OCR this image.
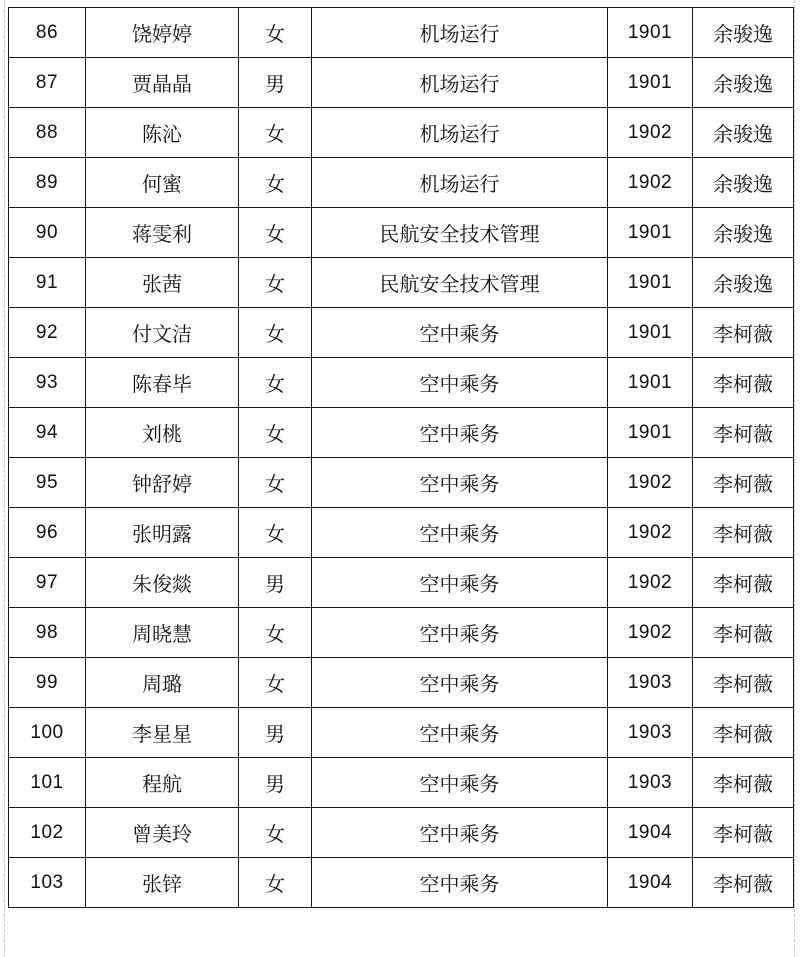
86	饶婷婷	女	机场运行	1901	余骏逸
87	贾晶晶	男	机场运行	1901	余骏逸
88	陈沁	女	机场运行	1902	余骏逸
89	何蜜	女	机场运行	1902	余骏逸
90	蒋雯利	女	民航安全技术管理	1901	余骏逸
91	张茜	女	民航安全技术管理	1901	余骏逸
92	付文洁	女	空中乘务	1901	李柯薇
93	陈春毕	女	空中乘务	1901	李柯薇
94	刘桃	女	空中乘务	1901	李柯薇
95	钟舒婷	女	空中乘务	1902	李柯薇
96	张明露	女	空中乘务	1902	李柯薇
97	朱俊燚	男	空中乘务	1902	李柯薇
98	周晓慧	女	空中乘务	1902	李柯薇
99	周璐	女	空中乘务	1903	李柯薇
100	李星星	男	空中乘务	1903	李柯薇
101	程航	男	空中乘务	1903	李柯薇
102	曾美玲	女	空中乘务	1904	李柯薇
103	张锌	女	空中乘务	1904	李柯薇
